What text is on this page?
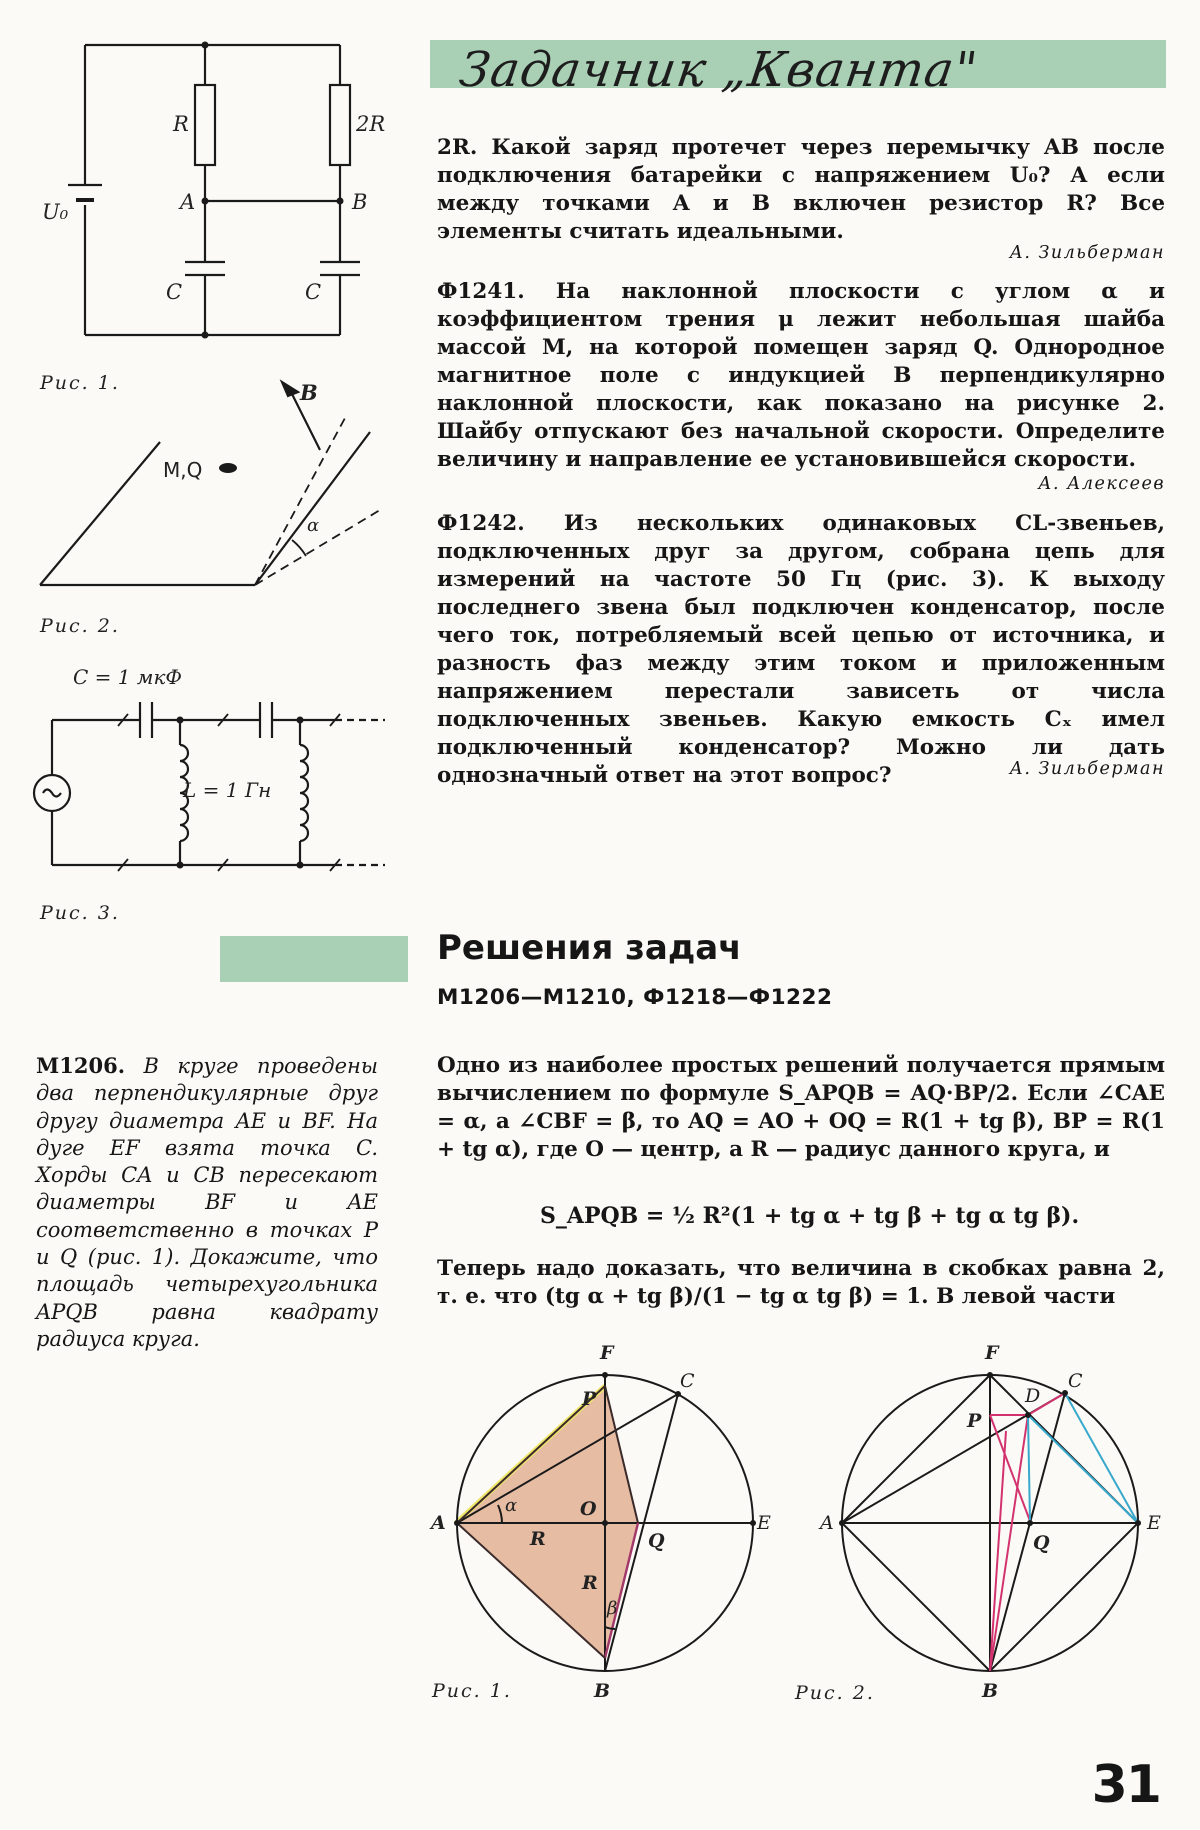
U₀
R	2R
A	B
C	C
Рис. 1.
M,Q
B
α
Рис. 2.
C = 1 мкФ
L = 1 Гн
Рис. 3.
Задачник „Кванта"
2R. Какой заряд протечет через перемычку AB после подключения батарейки с напряжением U₀? А если между точками A и B включен резистор R? Все элементы считать идеальными.
А. Зильберман
Ф1241. На наклонной плоскости с углом α и коэффициентом трения μ лежит небольшая шайба массой M, на которой помещен заряд Q. Однородное магнитное поле с индукцией B перпендикулярно наклонной плоскости, как показано на рисунке 2. Шайбу отпускают без начальной скорости. Определите величину и направление ее установившейся скорости.
А. Алексеев
Ф1242. Из нескольких одинаковых CL-звеньев, подключенных друг за другом, собрана цепь для измерений на частоте 50 Гц (рис. 3). К выходу последнего звена был подключен конденсатор, после чего ток, потребляемый всей цепью от источника, и разность фаз между этим током и приложенным напряжением перестали зависеть от числа подключенных звеньев. Какую емкость Cₓ имел подключенный конденсатор? Можно ли дать однозначный ответ на этот вопрос?	А. Зильберман
Решения задач
М1206—М1210, Ф1218—Ф1222
М1206. В круге проведены два перпендикулярные друг другу диаметра AE и BF. На дуге EF взята точка C. Хорды CA и CB пересекают диаметры BF и AE соответственно в точках P и Q (рис. 1). Докажите, что площадь четырехугольника APQB равна квадрату радиуса круга.
Одно из наиболее простых решений получается прямым вычислением по формуле S_APQB = AQ·BP/2. Если ∠CAE = α, а ∠CBF = β, то AQ = AO + OQ = R(1 + tg β), BP = R(1 + tg α), где O — центр, а R — радиус данного круга, и
S_APQB = ½ R²(1 + tg α + tg β + tg α tg β).
Теперь надо доказать, что величина в скобках равна 2, т. е. что (tg α + tg β)/(1 − tg α tg β) = 1. В левой части
F
C
P
A
O
E
Q
R
R
α
β
B
Рис. 1.
F
C
D
P
A	E
Q
B
Рис. 2.
31
